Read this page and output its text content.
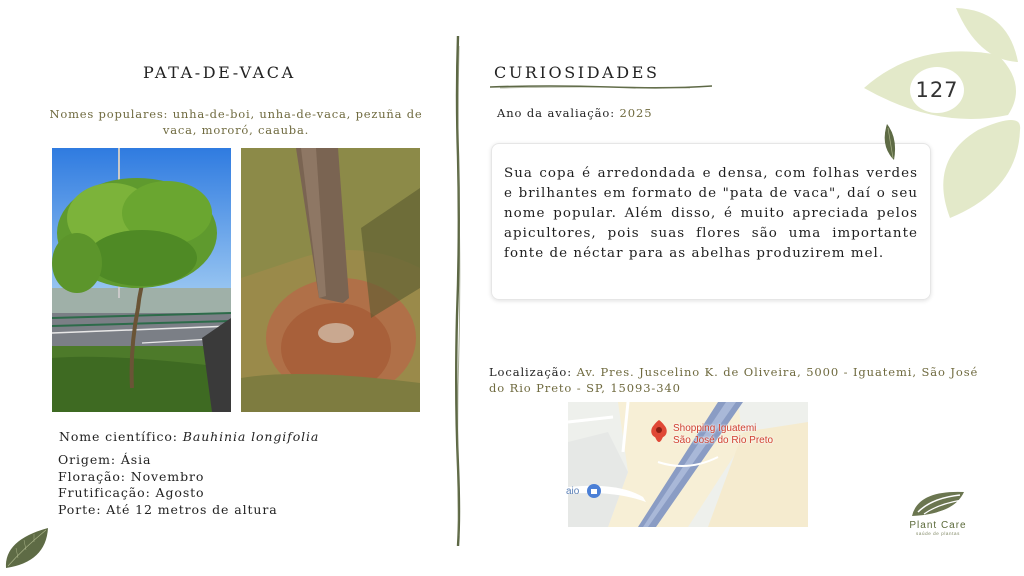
PATA-DE-VACA
Nomes populares: unha-de-boi, unha-de-vaca, pezuña de vaca, mororó, caauba.
Nome científico: Bauhinia longifolia
Origem: Ásia
Floração: Novembro
Frutificação: Agosto
Porte: Até 12 metros de altura
CURIOSIDADES
Ano da avaliação: 2025

Sua copa é arredondada e densa, com folhas verdes e brilhantes em formato de "pata de vaca", daí o seu nome popular. Além disso, é muito apreciada pelos apicultores, pois suas flores são uma importante fonte de néctar para as abelhas produzirem mel.

Localização: Av. Pres. Juscelino K. de Oliveira, 5000 - Iguatemi, São José do Rio Preto - SP, 15093-340
Shopping Iguatemi
São José do Rio Preto
aio
127
Plant Care
saúde de plantas
